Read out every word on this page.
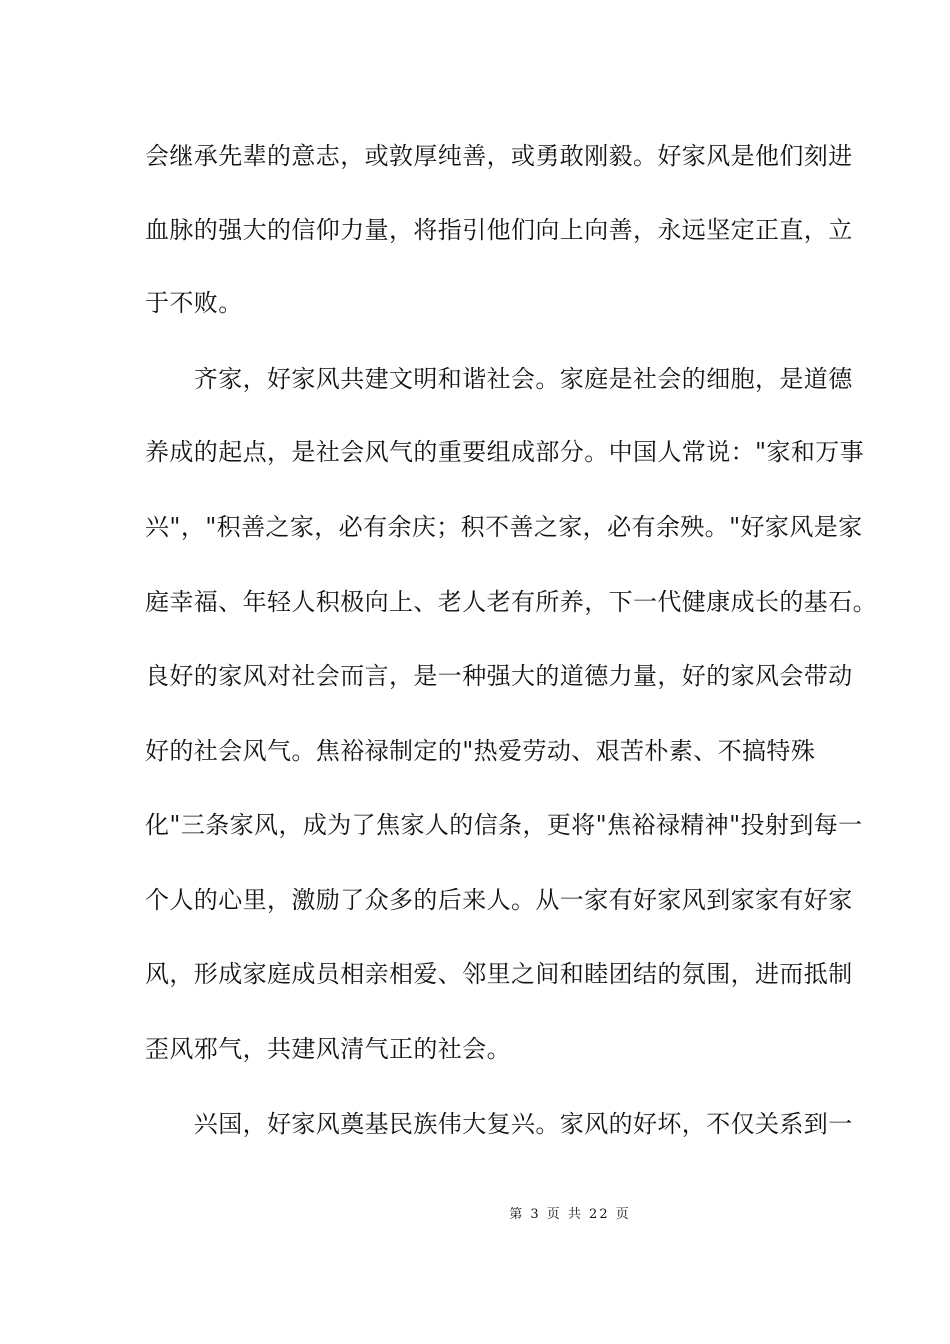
会继承先辈的意志，或敦厚纯善，或勇敢刚毅。好家风是他们刻进
血脉的强大的信仰力量，将指引他们向上向善，永远坚定正直，立
于不败。
　　齐家，好家风共建文明和谐社会。家庭是社会的细胞，是道德
养成的起点，是社会风气的重要组成部分。中国人常说："家和万事
兴"，"积善之家，必有余庆；积不善之家，必有余殃。"好家风是家
庭幸福、年轻人积极向上、老人老有所养，下一代健康成长的基石。
良好的家风对社会而言，是一种强大的道德力量，好的家风会带动
好的社会风气。焦裕禄制定的"热爱劳动、艰苦朴素、不搞特殊
化"三条家风，成为了焦家人的信条，更将"焦裕禄精神"投射到每一
个人的心里，激励了众多的后来人。从一家有好家风到家家有好家
风，形成家庭成员相亲相爱、邻里之间和睦团结的氛围，进而抵制
歪风邪气，共建风清气正的社会。
　　兴国，好家风奠基民族伟大复兴。家风的好坏，不仅关系到一
第 3 页 共 22 页
